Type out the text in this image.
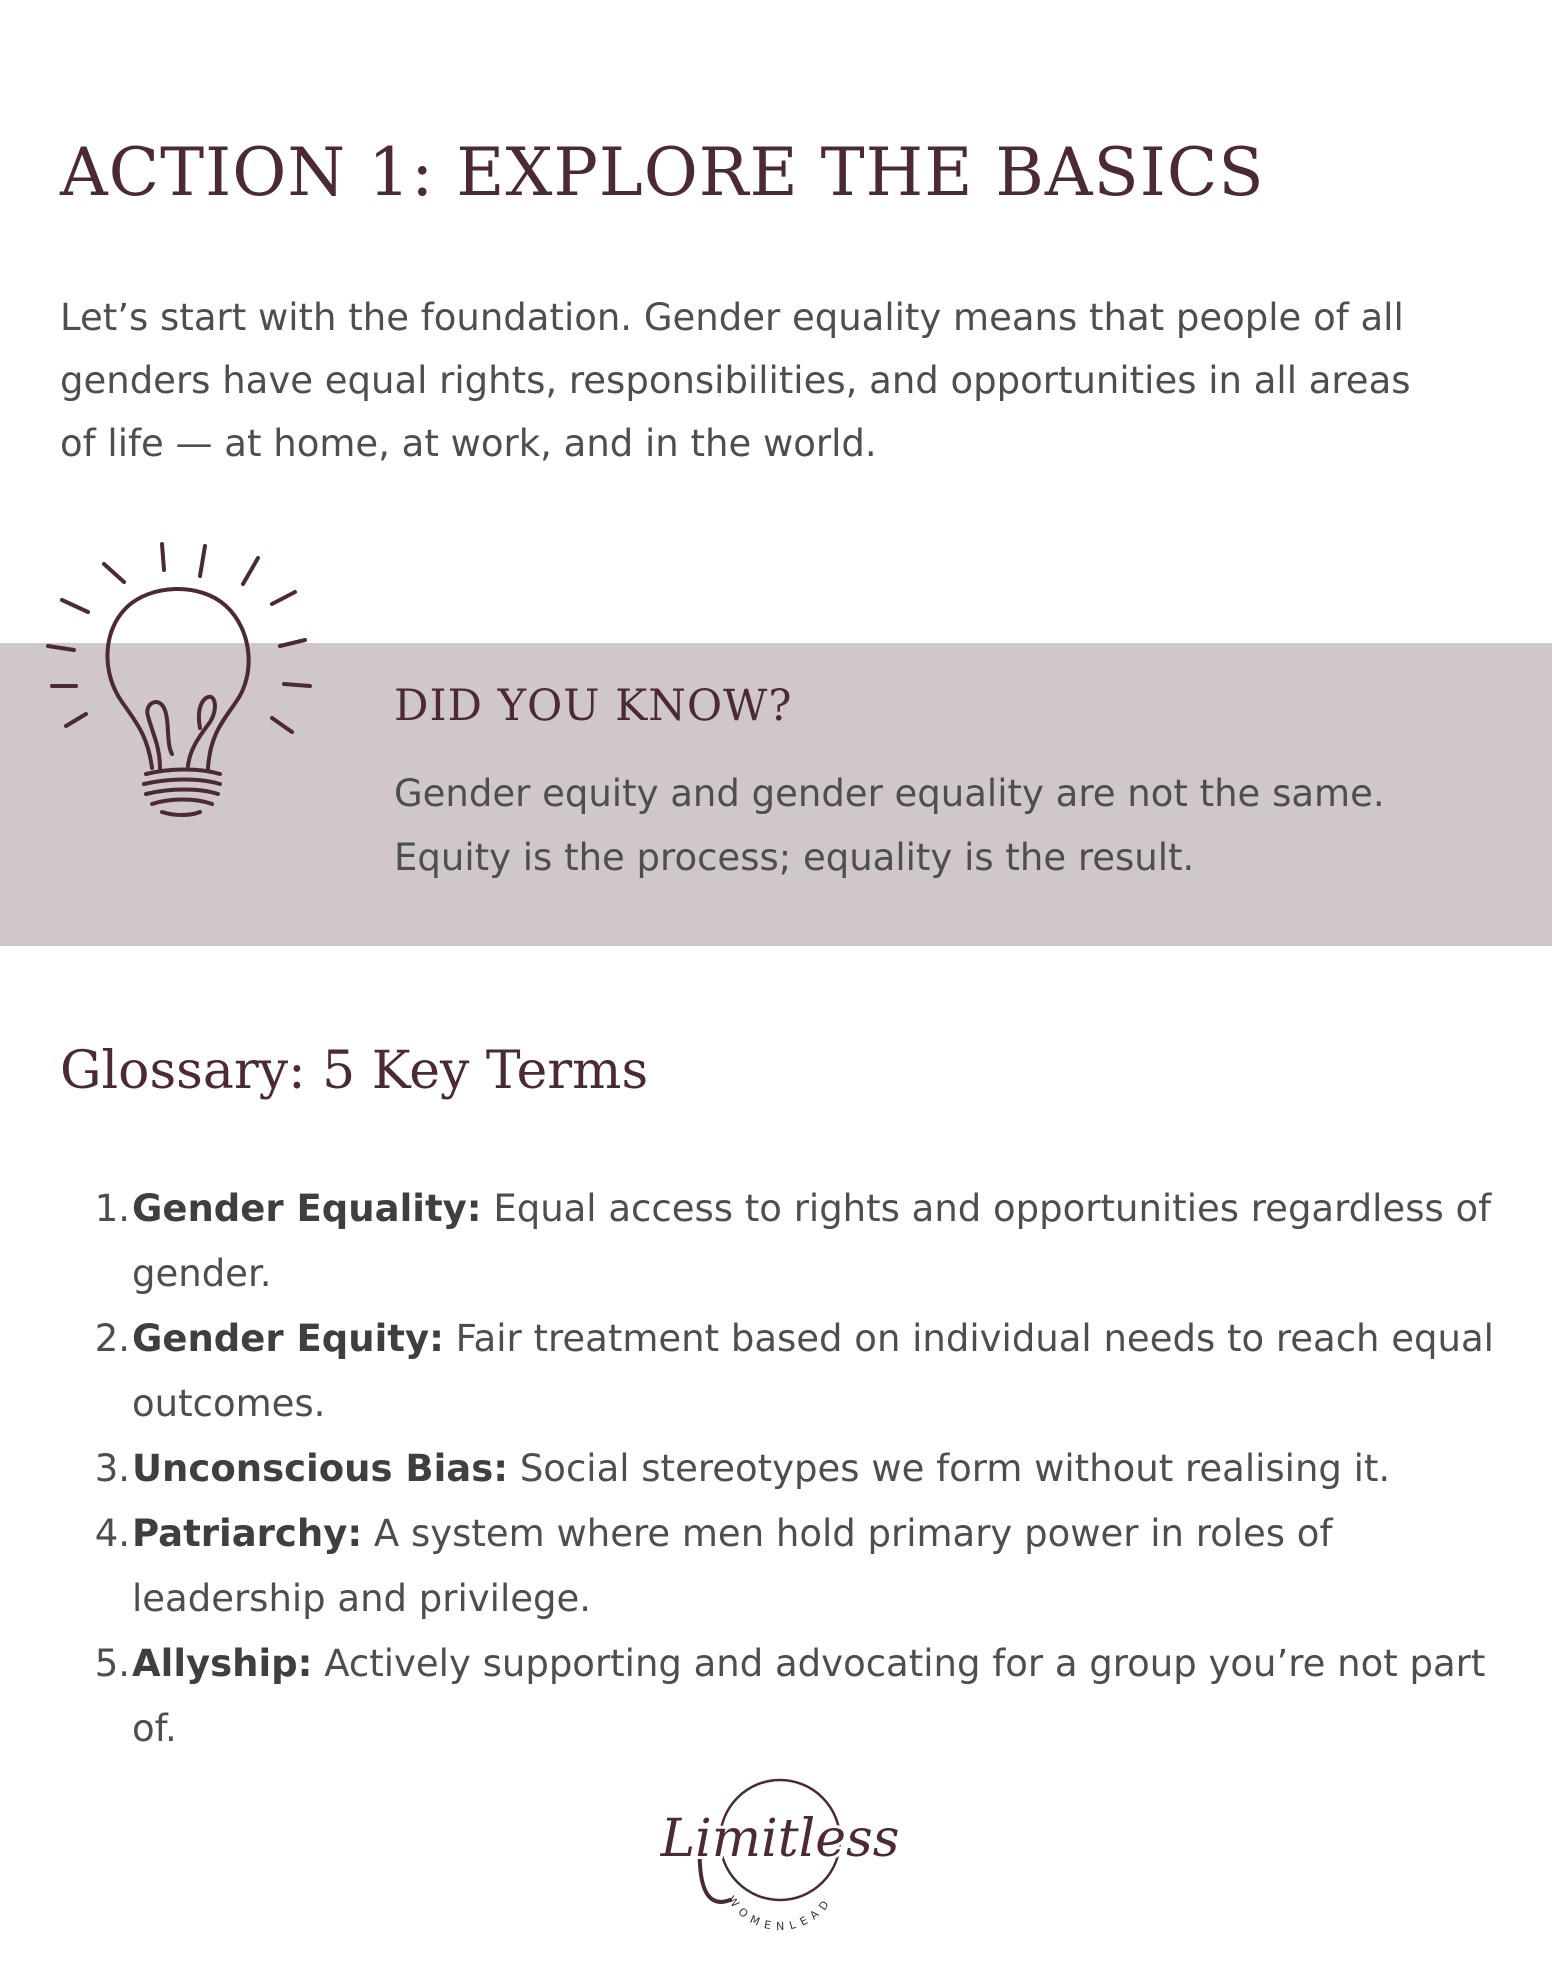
ACTION 1: EXPLORE THE BASICS

Let’s start with the foundation. Gender equality means that people of all
genders have equal rights, responsibilities, and opportunities in all areas
of life — at home, at work, and in the world.

DID YOU KNOW?

Gender equity and gender equality are not the same.
Equity is the process; equality is the result.

Glossary: 5 Key Terms
1. Gender Equality: Equal access to rights and opportunities regardless of gender.
2. Gender Equity: Fair treatment based on individual needs to reach equal outcomes.
3. Unconscious Bias: Social stereotypes we form without realising it.
4. Patriarchy: A system where men hold primary power in roles of leadership and privilege.
5. Allyship: Actively supporting and advocating for a group you’re not part of.
Limitless
WOMENLEAD
